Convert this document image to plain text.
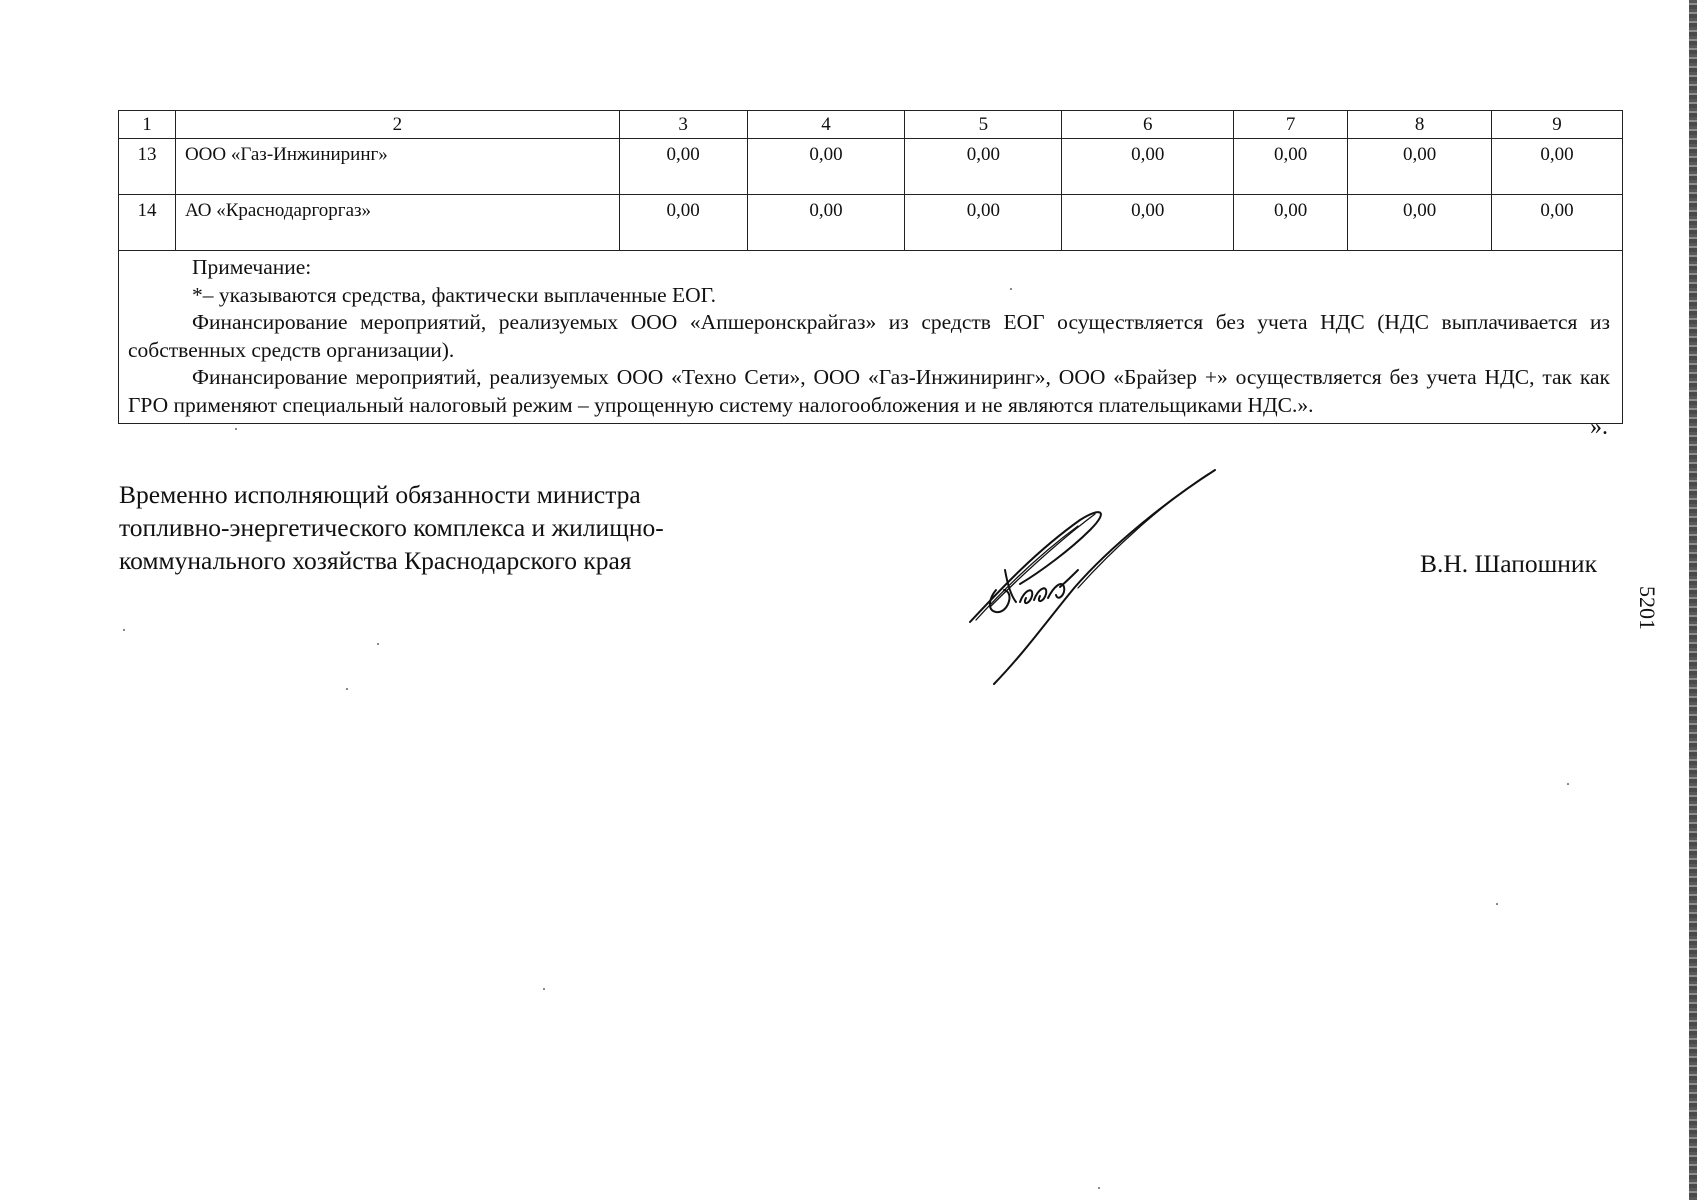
1	2	3	4	5	6	7	8	9
13	ООО «Газ-Инжиниринг»	0,00	0,00	0,00	0,00	0,00	0,00	0,00
14	АО «Краснодаргоргаз»	0,00	0,00	0,00	0,00	0,00	0,00	0,00

Примечание:

*– указываются средства, фактически выплаченные ЕОГ.

Финансирование мероприятий, реализуемых ООО «Апшеронскрайгаз» из средств ЕОГ осуществляется без учета НДС (НДС выплачивается из собственных средств организации).

Финансирование мероприятий, реализуемых ООО «Техно Сети», ООО «Газ-Инжиниринг», ООО «Брайзер +» осуществляется без учета НДС, так как ГРО применяют специальный налоговый режим – упрощенную систему налогообложения и не являются плательщиками НДС.».								

».
Временно исполняющий обязанности министра
топливно-энергетического комплекса и жилищно-
коммунального хозяйства Краснодарского края	В.Н. Шапошник
5201
